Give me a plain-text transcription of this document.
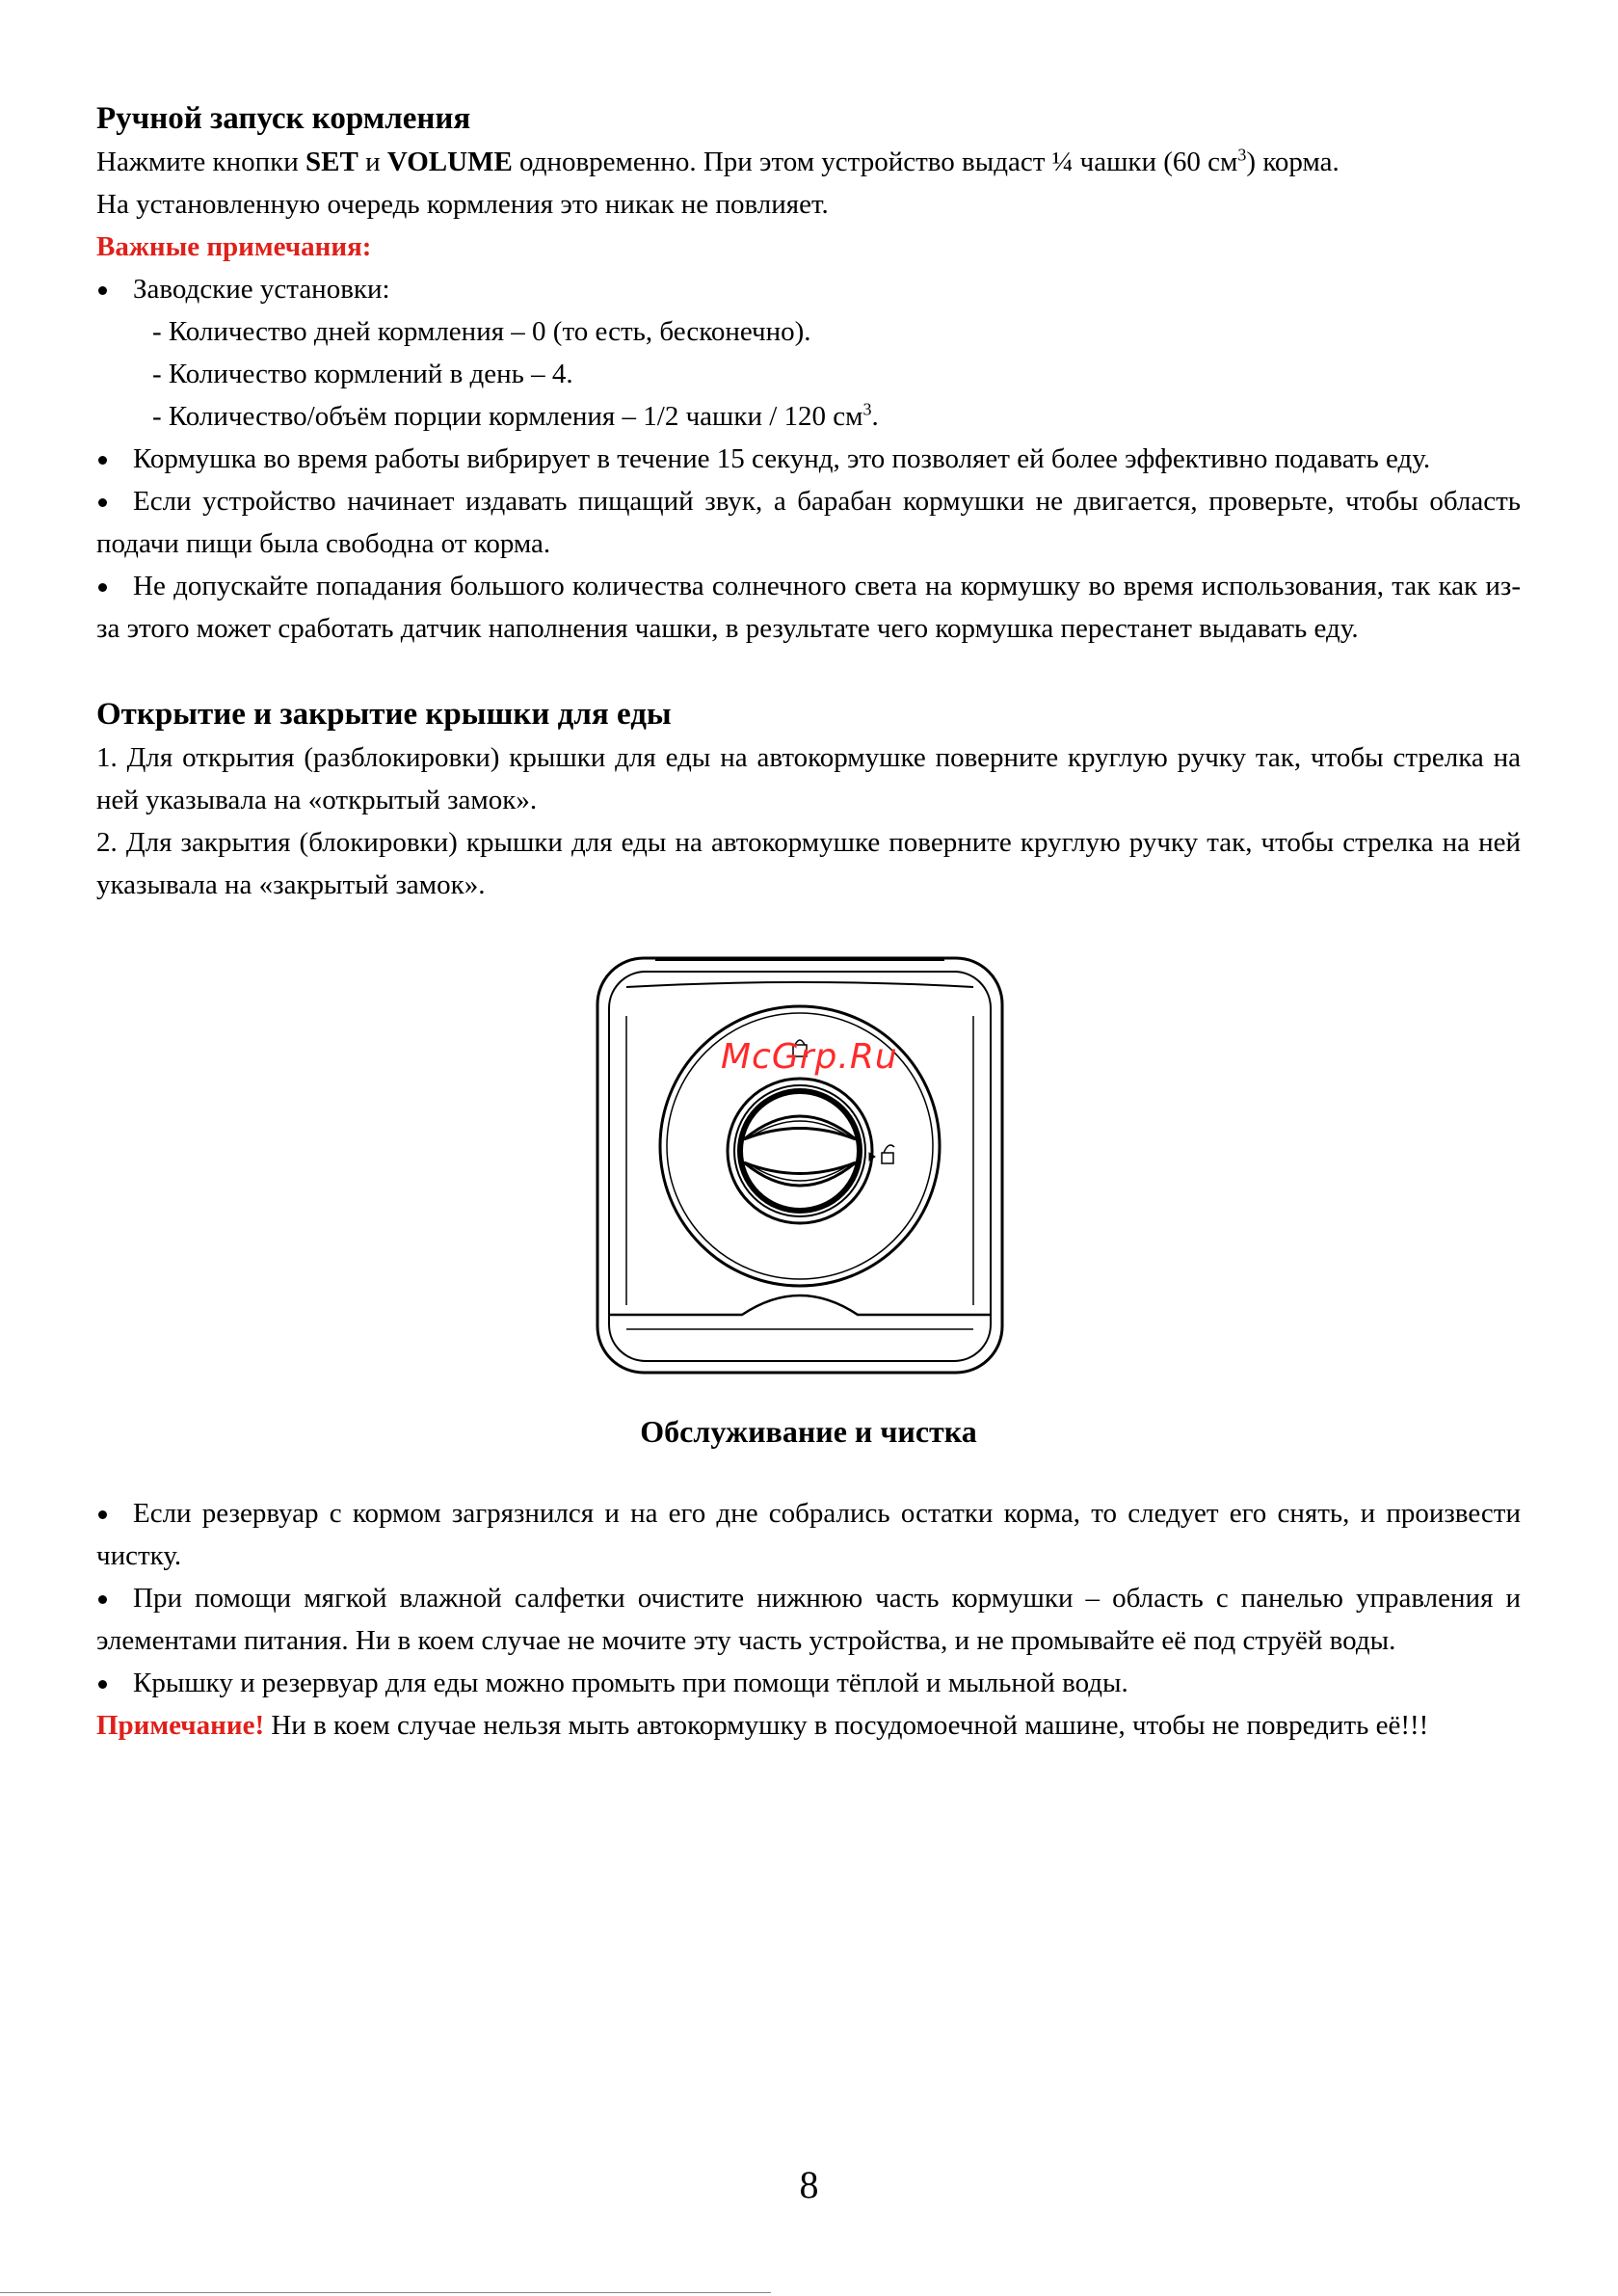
Ручной запуск кормления

Нажмите кнопки SET и VOLUME одновременно. При этом устройство выдаст ¼ чашки (60 $см^3$) корма.

На установленную очередь кормления это никак не повлияет.

Важные примечания:

Заводские установки:

- Количество дней кормления – 0 (то есть, бесконечно).

- Количество кормлений в день – 4.

- Количество/объём порции кормления – 1/2 чашки / 120 $см^3$.

Кормушка во время работы вибрирует в течение 15 секунд, это позволяет ей более эффективно подавать еду.

Если устройство начинает издавать пищащий звук, а барабан кормушки не двигается, проверьте, чтобы область подачи пищи была свободна от корма.

Не допускайте попадания большого количества солнечного света на кормушку во время использования, так как из-за этого может сработать датчик наполнения чашки, в результате чего кормушка перестанет выдавать еду.

Открытие и закрытие крышки для еды

1. Для открытия (разблокировки) крышки для еды на автокормушке поверните круглую ручку так, чтобы стрелка на ней указывала на «открытый замок».

2. Для закрытия (блокировки) крышки для еды на автокормушке поверните круглую ручку так, чтобы стрелка на ней указывала на «закрытый замок».

McGrp.Ru

Обслуживание и чистка

Если резервуар с кормом загрязнился и на его дне собрались остатки корма, то следует его снять, и произвести чистку.

При помощи мягкой влажной салфетки очистите нижнюю часть кормушки – область с панелью управления и элементами питания. Ни в коем случае не мочите эту часть устройства, и не промывайте её под струёй воды.

Крышку и резервуар для еды можно промыть при помощи тёплой и мыльной воды.

Примечание! Ни в коем случае нельзя мыть автокормушку в посудомоечной машине, чтобы не повредить её!!!

8
